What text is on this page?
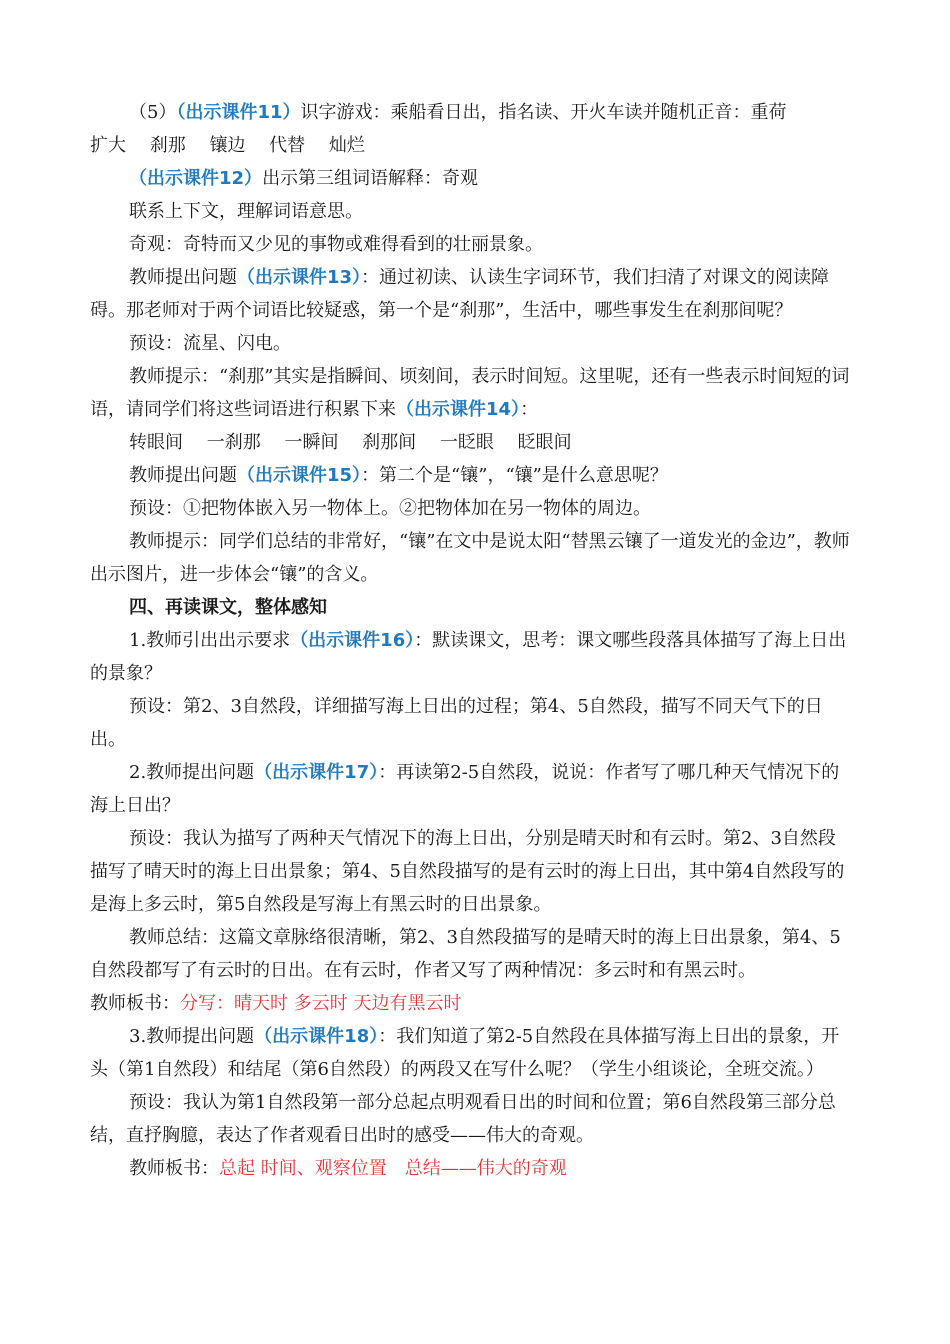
（5）（出示课件11）识字游戏：乘船看日出，指名读、开火车读并随机正音：重荷

扩大　 刹那　 镶边　 代替　 灿烂

（出示课件12）出示第三组词语解释：奇观

联系上下文，理解词语意思。

奇观：奇特而又少见的事物或难得看到的壮丽景象。

教师提出问题（出示课件13）：通过初读、认读生字词环节，我们扫清了对课文的阅读障碍。那老师对于两个词语比较疑惑，第一个是“刹那”，生活中，哪些事发生在刹那间呢？

预设：流星、闪电。

教师提示：“刹那”其实是指瞬间、顷刻间，表示时间短。这里呢，还有一些表示时间短的词语，请同学们将这些词语进行积累下来（出示课件14）：

转眼间　 一刹那　 一瞬间　 刹那间　 一眨眼　 眨眼间

教师提出问题（出示课件15）：第二个是“镶”，“镶”是什么意思呢？

预设：①把物体嵌入另一物体上。②把物体加在另一物体的周边。

教师提示：同学们总结的非常好，“镶”在文中是说太阳“替黑云镶了一道发光的金边”，教师出示图片，进一步体会“镶”的含义。

四、再读课文，整体感知

1.教师引出出示要求（出示课件16）：默读课文，思考：课文哪些段落具体描写了海上日出的景象？

预设：第2、3自然段，详细描写海上日出的过程；第4、5自然段，描写不同天气下的日出。

2.教师提出问题（出示课件17）：再读第2-5自然段，说说：作者写了哪几种天气情况下的海上日出？

预设：我认为描写了两种天气情况下的海上日出，分别是晴天时和有云时。第2、3自然段描写了晴天时的海上日出景象；第4、5自然段描写的是有云时的海上日出，其中第4自然段写的是海上多云时，第5自然段是写海上有黑云时的日出景象。

教师总结：这篇文章脉络很清晰，第2、3自然段描写的是晴天时的海上日出景象，第4、5自然段都写了有云时的日出。在有云时，作者又写了两种情况：多云时和有黑云时。

教师板书：分写：晴天时 多云时 天边有黑云时

3.教师提出问题（出示课件18）：我们知道了第2-5自然段在具体描写海上日出的景象，开头（第1自然段）和结尾（第6自然段）的两段又在写什么呢？（学生小组谈论，全班交流。）

预设：我认为第1自然段第一部分总起点明观看日出的时间和位置；第6自然段第三部分总结，直抒胸臆，表达了作者观看日出时的感受——伟大的奇观。

教师板书：总起 时间、观察位置　总结——伟大的奇观
